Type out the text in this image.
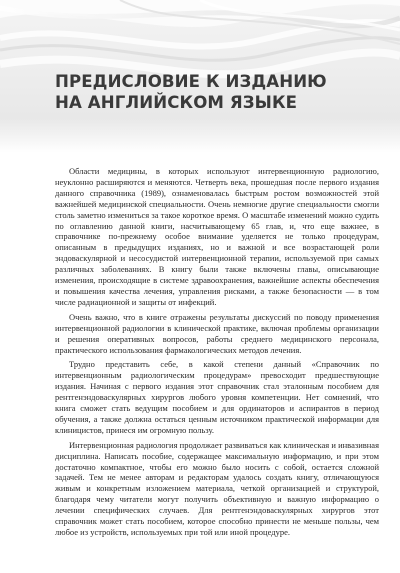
ПРЕДИСЛОВИЕ К ИЗДАНИЮ
НА АНГЛИЙСКОМ ЯЗЫКЕ

Области медицины, в которых используют интервенционную радиологию, неуклонно расширяются и меняются. Четверть века, прошедшая после первого издания данного справочника (1989), ознаменовалась быстрым ростом возможностей этой важнейшей медицинской специальности. Очень немногие другие специальности смогли столь заметно измениться за такое короткое время. О масштабе изменений можно судить по оглавлению данной книги, насчитывающему 65 глав, и, что еще важнее, в справочнике по-прежнему особое внимание уделяется не только процедурам, описанным в предыдущих изданиях, но и важной и все возрастающей роли эндоваскулярной и несосудистой интервенционной терапии, используемой при самых различных заболеваниях. В книгу были также включены главы, описывающие изменения, происходящие в системе здравоохранения, важнейшие аспекты обеспечения и повышения качества лечения, управления рисками, а также безопасности — в том числе радиационной и защиты от инфекций.

Очень важно, что в книге отражены результаты дискуссий по поводу применения интервенционной радиологии в клинической практике, включая проблемы организации и решения оперативных вопросов, работы среднего медицинского персонала, практического использования фармакологических методов лечения.

Трудно представить себе, в какой степени данный «Справочник по интервенционным радиологическим процедурам» превосходит предшествующие издания. Начиная с первого издания этот справочник стал эталонным пособием для рентгенэндоваскулярных хирургов любого уровня компетенции. Нет сомнений, что книга сможет стать ведущим пособием и для ординаторов и аспирантов в период обучения, а также должна остаться ценным источником практической информации для клиницистов, принеся им огромную пользу.

Интервенционная радиология продолжает развиваться как клиническая и инвазивная дисциплина. Написать пособие, содержащее максимальную информацию, и при этом достаточно компактное, чтобы его можно было носить с собой, остается сложной задачей. Тем не менее авторам и редакторам удалось создать книгу, отличающуюся живым и конкретным изложением материала, четкой организацией и структурой, благодаря чему читатели могут получить объективную и важную информацию о лечении специфических случаев. Для рентгенэндоваскулярных хирургов этот справочник может стать пособием, которое способно принести не меньше пользы, чем любое из устройств, используемых при той или иной процедуре.
